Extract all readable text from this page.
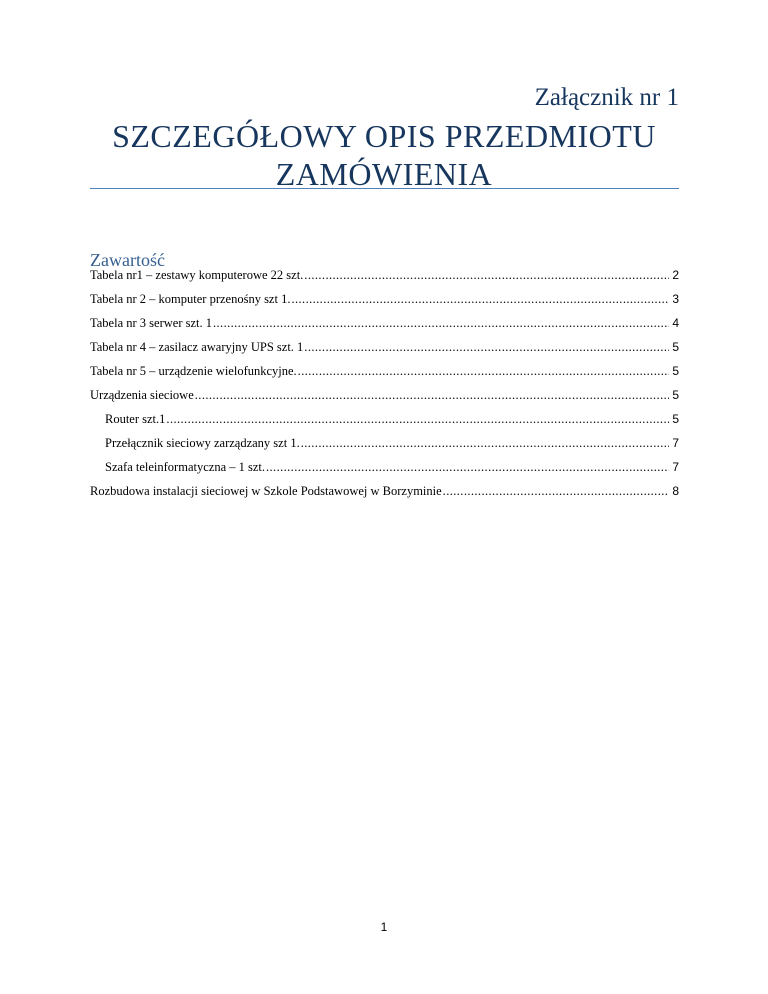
Załącznik nr 1
SZCZEGÓŁOWY OPIS PRZEDMIOTU
ZAMÓWIENIA
Zawartość
Tabela nr1 – zestawy komputerowe 22 szt. .....	2
Tabela nr 2 – komputer przenośny szt 1. .....	3
Tabela nr 3 serwer szt. 1 .....	4
Tabela nr 4 – zasilacz awaryjny UPS szt. 1 .....	5
Tabela nr 5 – urządzenie wielofunkcyjne. .....	5
Urządzenia sieciowe .....	5
Router szt.1 .....	5
Przełącznik sieciowy zarządzany szt 1. .....	7
Szafa teleinformatyczna – 1 szt. .....	7
Rozbudowa instalacji sieciowej w Szkole Podstawowej w Borzyminie .....	8
1
